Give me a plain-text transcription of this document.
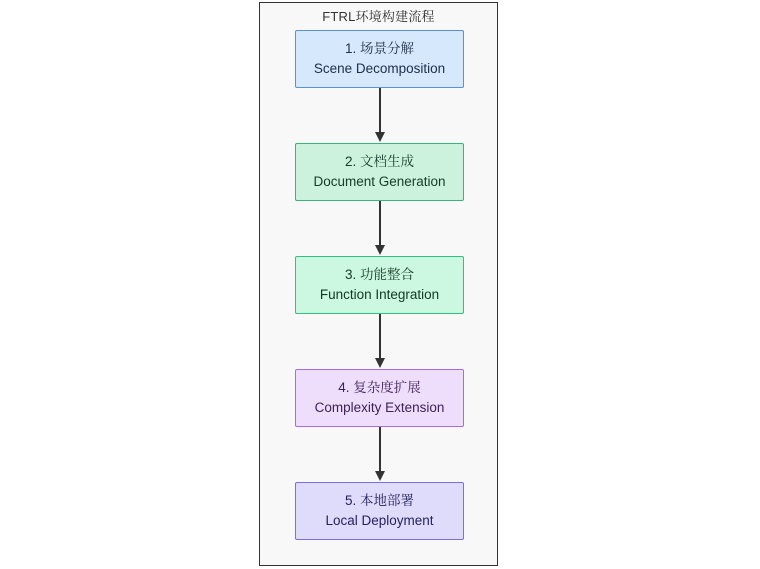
FTRL环境构建流程
1. 场景分解
Scene Decomposition
2. 文档生成
Document Generation
3. 功能整合
Function Integration
4. 复杂度扩展
Complexity Extension
5. 本地部署
Local Deployment
